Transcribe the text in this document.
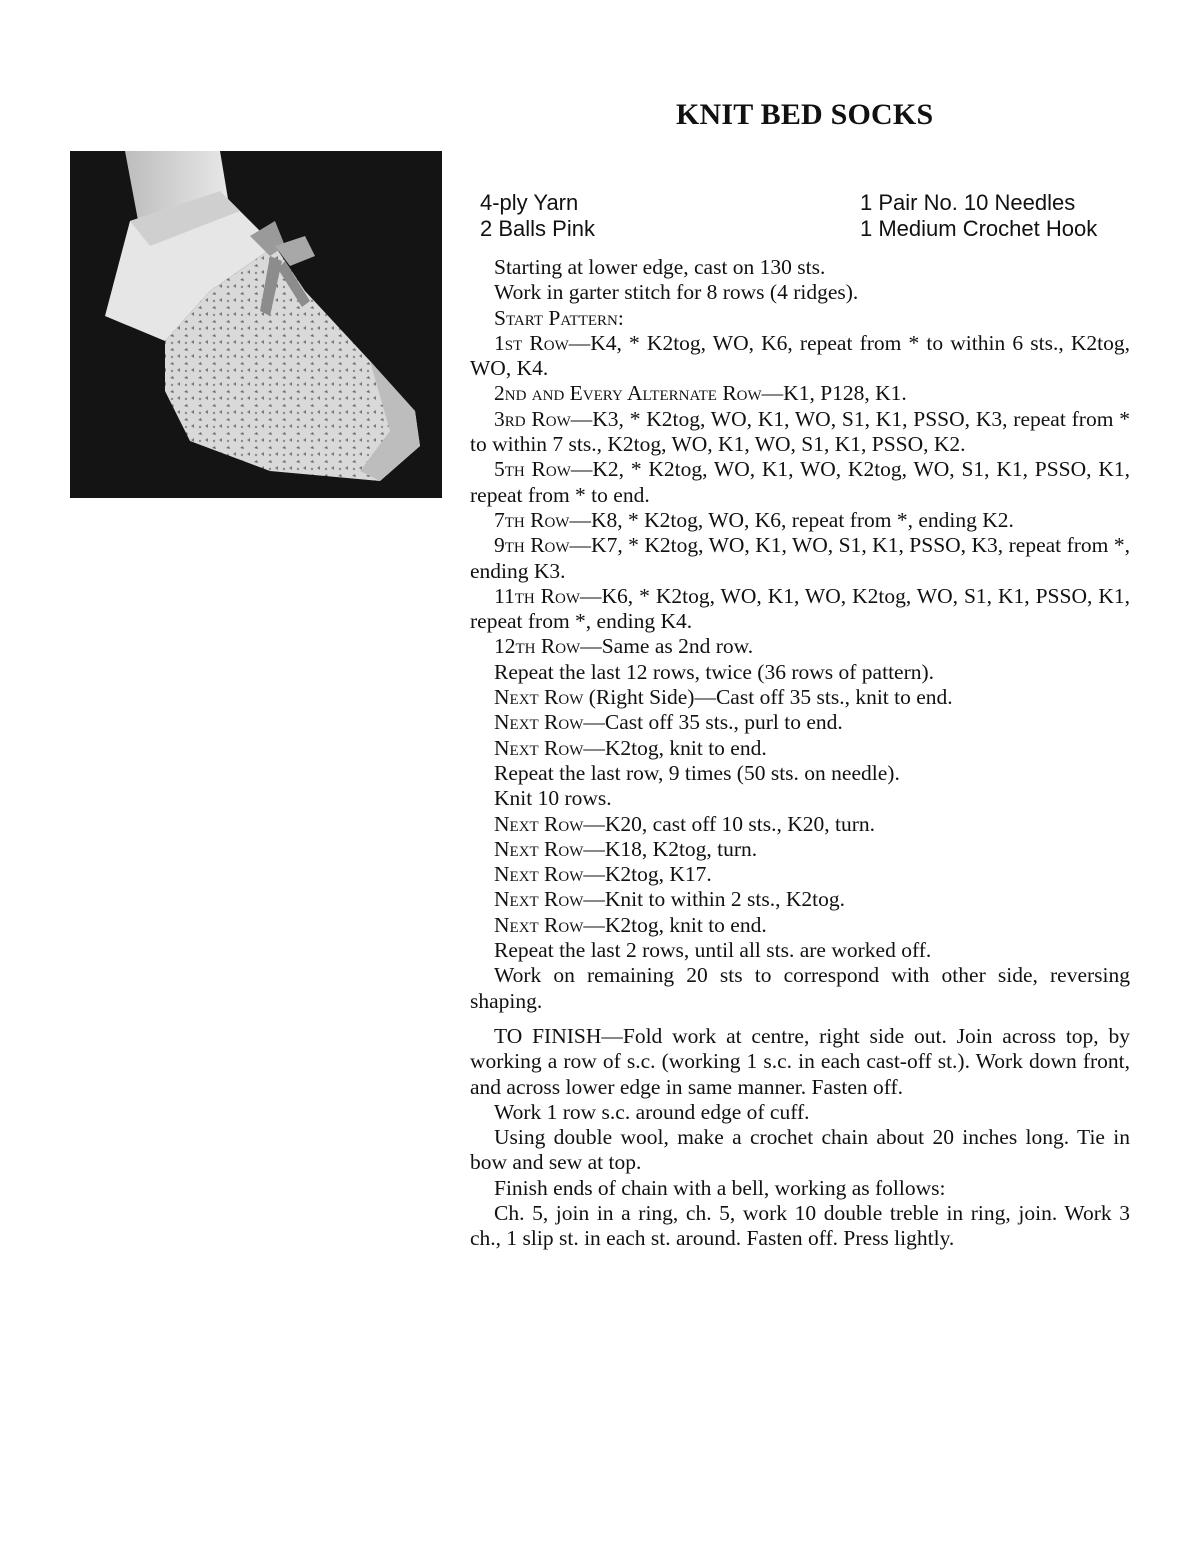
KNIT BED SOCKS
4-ply Yarn	1 Pair No. 10 Needles
2 Balls Pink	1 Medium Crochet Hook

Starting at lower edge, cast on 130 sts.

Work in garter stitch for 8 rows (4 ridges).

Start Pattern:

1st Row—K4, * K2tog, WO, K6, repeat from * to within 6 sts., K2tog, WO, K4.

2nd and Every Alternate Row—K1, P128, K1.

3rd Row—K3, * K2tog, WO, K1, WO, S1, K1, PSSO, K3, repeat from * to within 7 sts., K2tog, WO, K1, WO, S1, K1, PSSO, K2.

5th Row—K2, * K2tog, WO, K1, WO, K2tog, WO, S1, K1, PSSO, K1, repeat from * to end.

7th Row—K8, * K2tog, WO, K6, repeat from *, ending K2.

9th Row—K7, * K2tog, WO, K1, WO, S1, K1, PSSO, K3, repeat from *, ending K3.

11th Row—K6, * K2tog, WO, K1, WO, K2tog, WO, S1, K1, PSSO, K1, repeat from *, ending K4.

12th Row—Same as 2nd row.

Repeat the last 12 rows, twice (36 rows of pattern).

Next Row (Right Side)—Cast off 35 sts., knit to end.

Next Row—Cast off 35 sts., purl to end.

Next Row—K2tog, knit to end.

Repeat the last row, 9 times (50 sts. on needle).

Knit 10 rows.

Next Row—K20, cast off 10 sts., K20, turn.

Next Row—K18, K2tog, turn.

Next Row—K2tog, K17.

Next Row—Knit to within 2 sts., K2tog.

Next Row—K2tog, knit to end.

Repeat the last 2 rows, until all sts. are worked off.

Work on remaining 20 sts to correspond with other side, reversing shaping.

TO FINISH—Fold work at centre, right side out. Join across top, by working a row of s.c. (working 1 s.c. in each cast-off st.). Work down front, and across lower edge in same manner. Fasten off.

Work 1 row s.c. around edge of cuff.

Using double wool, make a crochet chain about 20 inches long. Tie in bow and sew at top.

Finish ends of chain with a bell, working as follows:

Ch. 5, join in a ring, ch. 5, work 10 double treble in ring, join. Work 3 ch., 1 slip st. in each st. around. Fasten off. Press lightly.
